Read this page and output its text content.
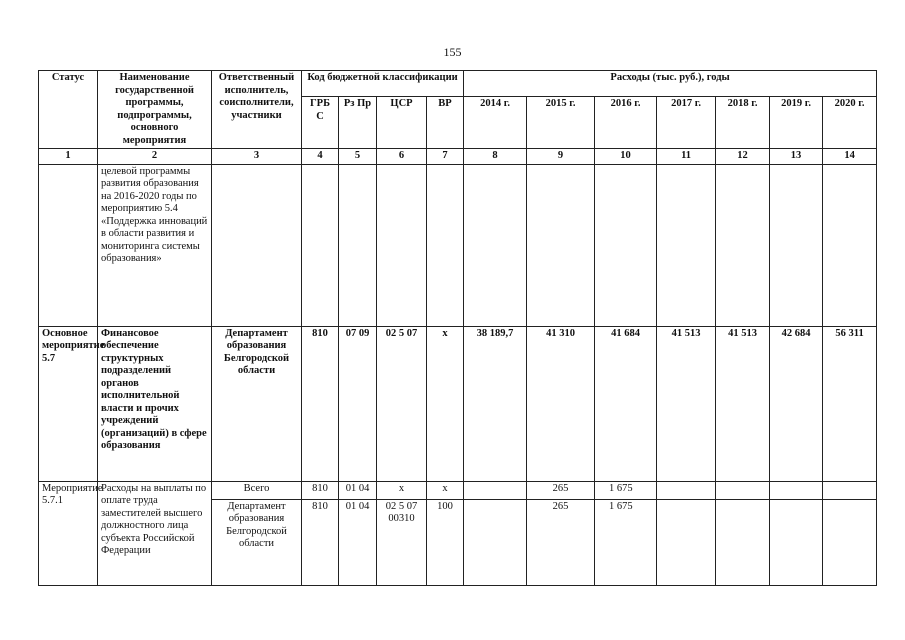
155
Статус	Наименование государственной программы, подпрограммы, основного мероприятия	Ответственный исполнитель, соисполнители, участники	Код бюджетной классификации				Расходы (тыс. руб.), годы						
			ГРБ С	Рз Пр	ЦСР	ВР	2014 г.	2015 г.	2016 г.	2017 г.	2018 г.	2019 г.	2020 г.
1	2	3	4	5	6	7	8	9	10	11	12	13	14
	целевой программы развития образования на 2016-2020 годы по мероприятию 5.4 «Поддержка инноваций в области развития и мониторинга системы образования»												
Основное мероприятие 5.7	Финансовое обеспечение структурных подразделений органов исполнительной власти и прочих учреждений (организаций) в сфере образования	Департамент образования Белгородской области	810	07 09	02 5 07	х	38 189,7	41 310	41 684	41 513	41 513	42 684	56 311
Мероприятие 5.7.1	Расходы на выплаты по оплате труда заместителей высшего должностного лица субъекта Российской Федерации	Всего	810	01 04	х	х		265	1 675				
		Департамент образования Белгородской области	810	01 04	02 5 07 00310	100		265	1 675				
